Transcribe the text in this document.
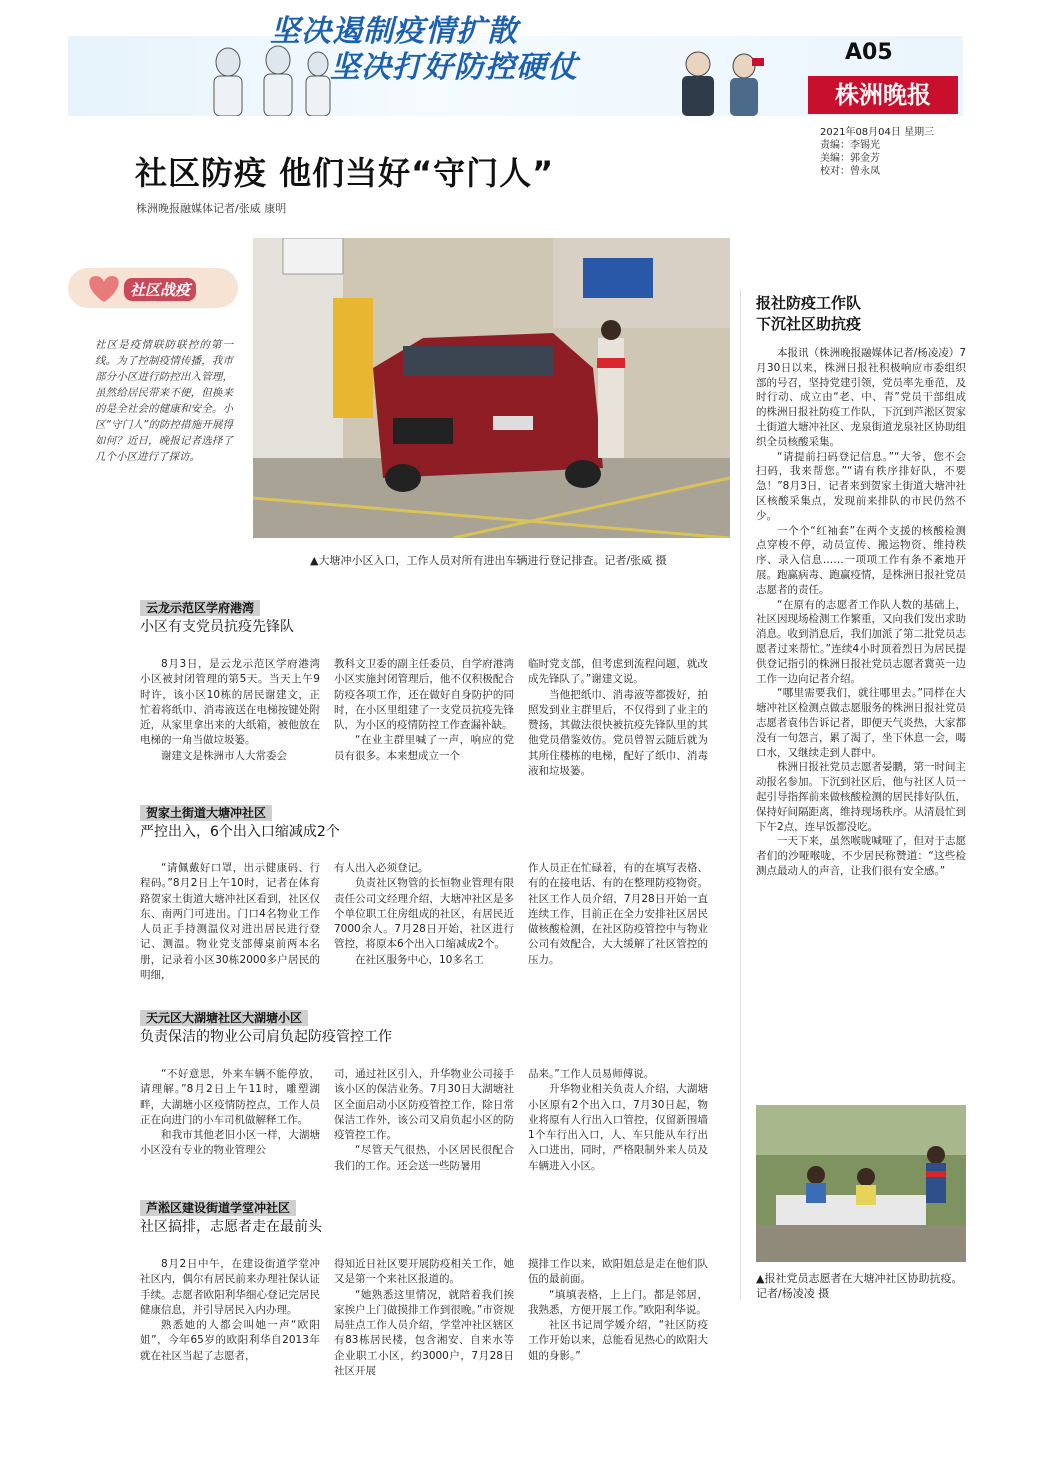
坚决遏制疫情扩散
坚决打好防控硬仗	A05
株洲晚报
2021年08月04日 星期三
责编：李锡光
美编：郭金芳
校对：曾永凤
社区防疫 他们当好“守门人”
株洲晚报融媒体记者/张威 康明
社区战疫
社区是疫情联防联控的第一线。为了控制疫情传播，我市部分小区进行防控出入管理，虽然给居民带来不便，但换来的是全社会的健康和安全。小区“守门人”的防控措施开展得如何？近日，晚报记者选择了几个小区进行了探访。
▲大塘冲小区入口，工作人员对所有进出车辆进行登记排查。记者/张威 摄
报社防疫工作队
下沉社区助抗疫

本报讯（株洲晚报融媒体记者/杨凌凌）7月30日以来，株洲日报社积极响应市委组织部的号召，坚持党建引领，党员率先垂范，及时行动、成立由“老、中、青”党员干部组成的株洲日报社防疫工作队，下沉到芦淞区贺家土街道大塘冲社区、龙泉街道龙泉社区协助组织全员核酸采集。

“请提前扫码登记信息。”“大爷，您不会扫码，我来帮您。”“请有秩序排好队，不要急！”8月3日，记者来到贺家土街道大塘冲社区核酸采集点，发现前来排队的市民仍然不少。

一个个“红袖套”在两个支援的核酸检测点穿梭不停，动员宣传、搬运物资、维持秩序、录入信息……一项项工作有条不紊地开展。跑赢病毒、跑赢疫情，是株洲日报社党员志愿者的责任。

“在原有的志愿者工作队人数的基础上，社区因现场检测工作繁重，又向我们发出求助消息。收到消息后，我们加派了第二批党员志愿者过来帮忙。”连续4小时顶着烈日为居民提供登记指引的株洲日报社党员志愿者冀英一边工作一边向记者介绍。

“哪里需要我们，就往哪里去。”同样在大塘冲社区检测点做志愿服务的株洲日报社党员志愿者袁伟告诉记者，即便天气炎热，大家都没有一句怨言，累了渴了，坐下休息一会，喝口水，又继续走到人群中。

株洲日报社党员志愿者晏鹏，第一时间主动报名参加。下沉到社区后，他与社区人员一起引导指挥前来做核酸检测的居民排好队伍，保持好间隔距离，维持现场秩序。从清晨忙到下午2点，连早饭都没吃。

一天下来，虽然喉咙喊哑了，但对于志愿者们的沙哑喉咙，不少居民称赞道：“这些检测点最动人的声音，让我们很有安全感。”

▲报社党员志愿者在大塘冲社区协助抗疫。 记者/杨凌凌 摄
云龙示范区学府港湾
小区有支党员抗疫先锋队

8月3日，是云龙示范区学府港湾小区被封闭管理的第5天。当天上午9时许，该小区10栋的居民谢建文，正忙着将纸巾、消毒液送在电梯按键处附近，从家里拿出来的大纸箱，被他放在电梯的一角当做垃圾篓。

谢建文是株洲市人大常委会

教科文卫委的副主任委员，自学府港湾小区实施封闭管理后，他不仅积极配合防疫各项工作，还在做好自身防护的同时，在小区里组建了一支党员抗疫先锋队，为小区的疫情防控工作查漏补缺。

“在业主群里喊了一声，响应的党员有很多。本来想成立一个

临时党支部，但考虑到流程问题，就改成先锋队了。”谢建文说。

当他把纸巾、消毒液等都拨好，拍照发到业主群里后，不仅得到了业主的赞扬，其做法很快被抗疫先锋队里的其他党员借鉴效仿。党员曾智云随后就为其所住楼栋的电梯，配好了纸巾、消毒液和垃圾篓。

贺家土街道大塘冲社区
严控出入，6个出入口缩减成2个

“请佩戴好口罩，出示健康码、行程码。”8月2日上午10时，记者在体育路贺家土街道大塘冲社区看到，社区仅东、南两门可进出。门口4名物业工作人员正手持测温仪对进出居民进行登记、测温。物业党支部傅桌前两本名册，记录着小区30栋2000多户居民的明细，

有人出入必须登记。

负责社区物管的长恒物业管理有限责任公司文经理介绍，大塘冲社区是多个单位职工住房组成的社区，有居民近7000余人。7月28日开始，社区进行管控，将原本6个出入口缩减成2个。

在社区服务中心，10多名工

作人员正在忙碌着，有的在填写表格、有的在接电话、有的在整理防疫物资。社区工作人员介绍，7月28日开始一直连续工作，目前正在全力安排社区居民做核酸检测，在社区防疫管控中与物业公司有效配合，大大缓解了社区管控的压力。

天元区大湖塘社区大湖塘小区
负责保洁的物业公司肩负起防疫管控工作

“不好意思，外来车辆不能停放，请理解。”8月2日上午11时，雕塑湖畔，大湖塘小区疫情防控点，工作人员正在向进门的小车司机做解释工作。

和我市其他老旧小区一样，大湖塘小区没有专业的物业管理公

司，通过社区引入，升华物业公司接手该小区的保洁业务。7月30日大湖塘社区全面启动小区防疫管控工作，除日常保洁工作外，该公司又肩负起小区的防疫管控工作。

“尽管天气很热，小区居民很配合我们的工作。还会送一些防暑用

品来。”工作人员易师傅说。

升华物业相关负责人介绍，大湖塘小区原有2个出入口，7月30日起，物业将原有人行出入口管控，仅留新围墙1个车行出入口，人、车只能从车行出入口进出，同时，严格限制外来人员及车辆进入小区。

芦淞区建设街道学堂冲社区
社区搞排，志愿者走在最前头

8月2日中午，在建设街道学堂冲社区内，偶尔有居民前来办理社保认证手续。志愿者欧阳利华细心登记完居民健康信息，并引导居民入内办理。

熟悉她的人都会叫她一声“欧阳姐”，今年65岁的欧阳利华自2013年就在社区当起了志愿者，

得知近日社区要开展防疫相关工作，她又是第一个来社区报道的。

“她熟悉这里情况，就陪着我们挨家挨户上门做摸排工作到很晚。”市资规局驻点工作人员介绍，学堂冲社区辖区有83栋居民楼，包含湘安、自来水等企业职工小区，约3000户，7月28日社区开展

摸排工作以来，欧阳姐总是走在他们队伍的最前面。

“填填表格，上上门。都是邻居，我熟悉，方便开展工作。”欧阳利华说。

社区书记周学媛介绍，“社区防疫工作开始以来，总能看见热心的欧阳大姐的身影。”
